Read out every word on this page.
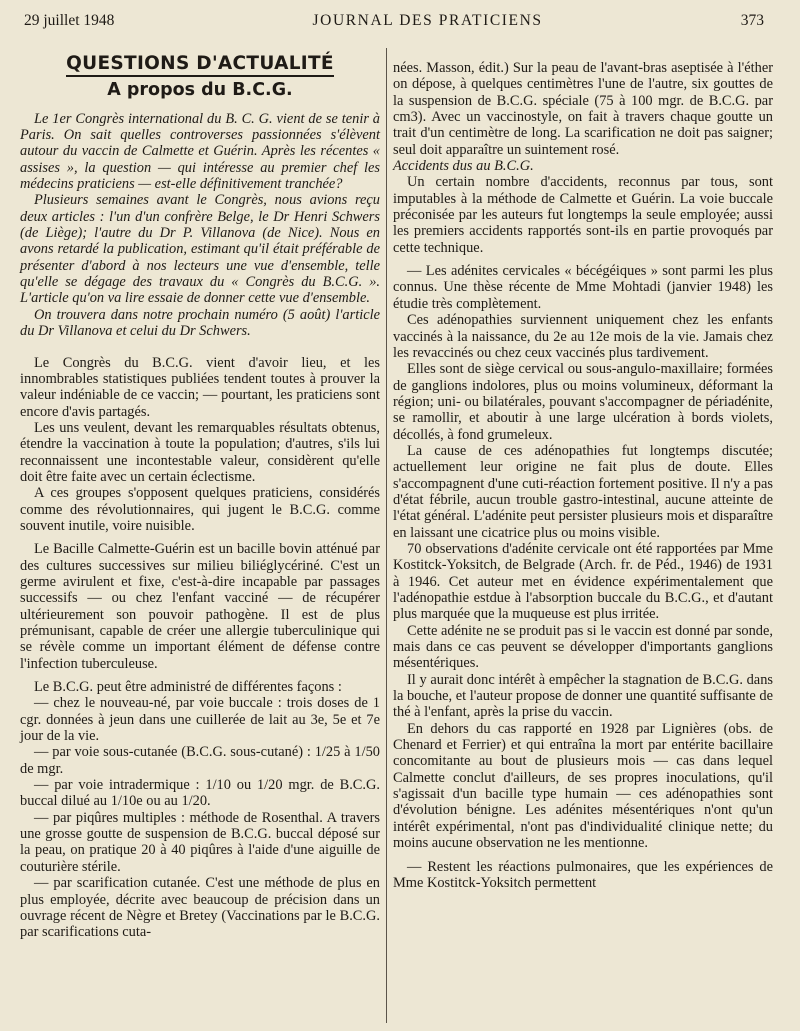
29 juillet 1948	JOURNAL DES PRATICIENS	373
QUESTIONS D'ACTUALITÉ
A propos du B.C.G.

Le 1er Congrès international du B. C. G. vient de se tenir à Paris. On sait quelles controverses passionnées s'élèvent autour du vaccin de Calmette et Guérin. Après les récentes « assises », la question — qui intéresse au premier chef les médecins praticiens — est-elle définitivement tranchée?

Plusieurs semaines avant le Congrès, nous avions reçu deux articles : l'un d'un confrère Belge, le Dr Henri Schwers (de Liège); l'autre du Dr P. Villanova (de Nice). Nous en avons retardé la publication, estimant qu'il était préférable de présenter d'abord à nos lecteurs une vue d'ensemble, telle qu'elle se dégage des travaux du « Congrès du B.C.G. ». L'article qu'on va lire essaie de donner cette vue d'ensemble.

On trouvera dans notre prochain numéro (5 août) l'article du Dr Villanova et celui du Dr Schwers.

Le Congrès du B.C.G. vient d'avoir lieu, et les innombrables statistiques publiées tendent toutes à prouver la valeur indéniable de ce vaccin; — pourtant, les praticiens sont encore d'avis partagés.

Les uns veulent, devant les remarquables résultats obtenus, étendre la vaccination à toute la population; d'autres, s'ils lui reconnaissent une incontestable valeur, considèrent qu'elle doit être faite avec un certain éclectisme.

A ces groupes s'opposent quelques praticiens, considérés comme des révolutionnaires, qui jugent le B.C.G. comme souvent inutile, voire nuisible.

Le Bacille Calmette-Guérin est un bacille bovin atténué par des cultures successives sur milieu biliéglycériné. C'est un germe avirulent et fixe, c'est-à-dire incapable par passages successifs — ou chez l'enfant vacciné — de récupérer ultérieurement son pouvoir pathogène. Il est de plus prémunisant, capable de créer une allergie tuberculinique qui se révèle comme un important élément de défense contre l'infection tuberculeuse.

Le B.C.G. peut être administré de différentes façons :

— chez le nouveau-né, par voie buccale : trois doses de 1 cgr. données à jeun dans une cuillerée de lait au 3e, 5e et 7e jour de la vie.

— par voie sous-cutanée (B.C.G. sous-cutané) : 1/25 à 1/50 de mgr.

— par voie intradermique : 1/10 ou 1/20 mgr. de B.C.G. buccal dilué au 1/10e ou au 1/20.

— par piqûres multiples : méthode de Rosenthal. A travers une grosse goutte de suspension de B.C.G. buccal déposé sur la peau, on pratique 20 à 40 piqûres à l'aide d'une aiguille de couturière stérile.

— par scarification cutanée. C'est une méthode de plus en plus employée, décrite avec beaucoup de précision dans un ouvrage récent de Nègre et Bretey (Vaccinations par le B.C.G. par scarifications cuta-

nées. Masson, édit.) Sur la peau de l'avant-bras aseptisée à l'éther on dépose, à quelques centimètres l'une de l'autre, six gouttes de la suspension de B.C.G. spéciale (75 à 100 mgr. de B.C.G. par cm3). Avec un vaccinostyle, on fait à travers chaque goutte un trait d'un centimètre de long. La scarification ne doit pas saigner; seul doit apparaître un suintement rosé.

Accidents dus au B.C.G.

Un certain nombre d'accidents, reconnus par tous, sont imputables à la méthode de Calmette et Guérin. La voie buccale préconisée par les auteurs fut longtemps la seule employée; aussi les premiers accidents rapportés sont-ils en partie provoqués par cette technique.

— Les adénites cervicales « bécégéiques » sont parmi les plus connus. Une thèse récente de Mme Mohtadi (janvier 1948) les étudie très complètement.

Ces adénopathies surviennent uniquement chez les enfants vaccinés à la naissance, du 2e au 12e mois de la vie. Jamais chez les revaccinés ou chez ceux vaccinés plus tardivement.

Elles sont de siège cervical ou sous-angulo-maxillaire; formées de ganglions indolores, plus ou moins volumineux, déformant la région; uni- ou bilatérales, pouvant s'accompagner de périadénite, se ramollir, et aboutir à une large ulcération à bords violets, décollés, à fond grumeleux.

La cause de ces adénopathies fut longtemps discutée; actuellement leur origine ne fait plus de doute. Elles s'accompagnent d'une cuti-réaction fortement positive. Il n'y a pas d'état fébrile, aucun trouble gastro-intestinal, aucune atteinte de l'état général. L'adénite peut persister plusieurs mois et disparaître en laissant une cicatrice plus ou moins visible.

70 observations d'adénite cervicale ont été rapportées par Mme Kostitck-Yoksitch, de Belgrade (Arch. fr. de Péd., 1946) de 1931 à 1946. Cet auteur met en évidence expérimentalement que l'adénopathie estdue à l'absorption buccale du B.C.G., et d'autant plus marquée que la muqueuse est plus irritée.

Cette adénite ne se produit pas si le vaccin est donné par sonde, mais dans ce cas peuvent se développer d'importants ganglions mésentériques.

Il y aurait donc intérêt à empêcher la stagnation de B.C.G. dans la bouche, et l'auteur propose de donner une quantité suffisante de thé à l'enfant, après la prise du vaccin.

En dehors du cas rapporté en 1928 par Lignières (obs. de Chenard et Ferrier) et qui entraîna la mort par entérite bacillaire concomitante au bout de plusieurs mois — cas dans lequel Calmette conclut d'ailleurs, de ses propres inoculations, qu'il s'agissait d'un bacille type humain — ces adénopathies sont d'évolution bénigne. Les adénites mésentériques n'ont qu'un intérêt expérimental, n'ont pas d'individualité clinique nette; du moins aucune observation ne les mentionne.

— Restent les réactions pulmonaires, que les expériences de Mme Kostitck-Yoksitch permettent
